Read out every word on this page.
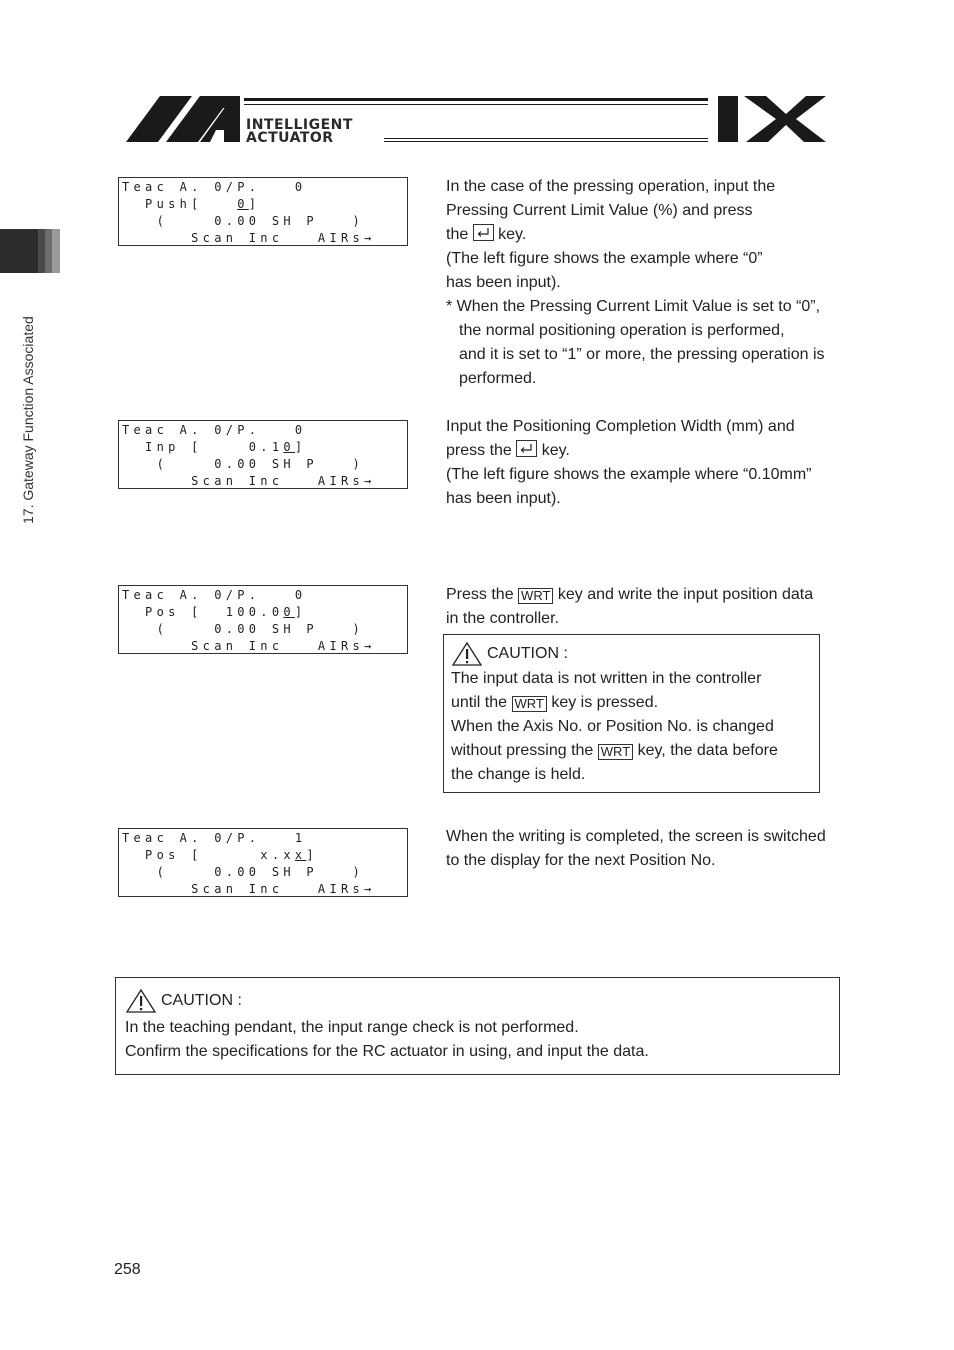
INTELLIGENT
ACTUATOR
17. Gateway Function Associated
Teac A. 0/P.   0
Push[   0]
(    0.00 SH P   )
Scan Inc   AIRs→
Teac A. 0/P.   0
Inp [    0.10]
(    0.00 SH P   )
Scan Inc   AIRs→
Teac A. 0/P.   0
Pos [  100.00]
(    0.00 SH P   )
Scan Inc   AIRs→
Teac A. 0/P.   1
Pos [     x.xx]
(    0.00 SH P   )
Scan Inc   AIRs→

In the case of the pressing operation, input the

Pressing Current Limit Value (%) and press

the key.

(The left figure shows the example where “0”

has been input).

* When the Pressing Current Limit Value is set to “0”,

the normal positioning operation is performed,

and it is set to “1” or more, the pressing operation is

performed.

Input the Positioning Completion Width (mm) and

press the key.

(The left figure shows the example where “0.10mm”

has been input).

Press the WRT key and write the input position data

in the controller.

CAUTION :
The input data is not written in the controller
until the WRT key is pressed.
When the Axis No. or Position No. is changed
without pressing the WRT key, the data before
the change is held.

When the writing is completed, the screen is switched

to the display for the next Position No.

CAUTION :
In the teaching pendant, the input range check is not performed.
Confirm the specifications for the RC actuator in using, and input the data.
258
